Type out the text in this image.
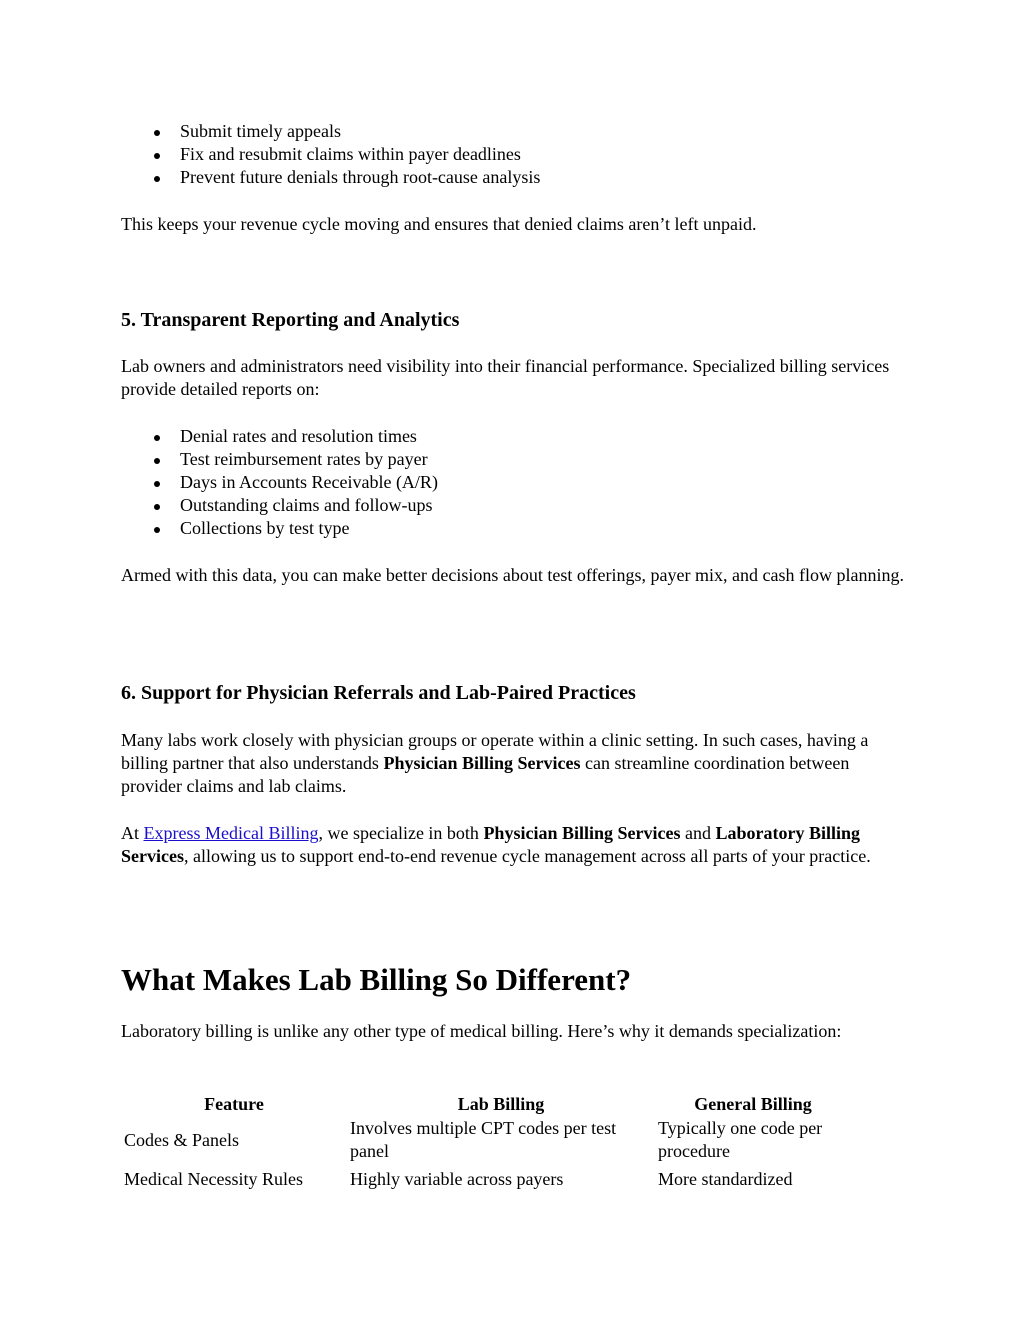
Submit timely appeals
Fix and resubmit claims within payer deadlines
Prevent future denials through root-cause analysis

This keeps your revenue cycle moving and ensures that denied claims aren’t left unpaid.

5. Transparent Reporting and Analytics

Lab owners and administrators need visibility into their financial performance. Specialized billing services provide detailed reports on:

Denial rates and resolution times
Test reimbursement rates by payer
Days in Accounts Receivable (A/R)
Outstanding claims and follow-ups
Collections by test type

Armed with this data, you can make better decisions about test offerings, payer mix, and cash flow planning.

6. Support for Physician Referrals and Lab-Paired Practices

Many labs work closely with physician groups or operate within a clinic setting. In such cases, having a billing partner that also understands Physician Billing Services can streamline coordination between provider claims and lab claims.

At Express Medical Billing, we specialize in both Physician Billing Services and Laboratory Billing Services, allowing us to support end-to-end revenue cycle management across all parts of your practice.

What Makes Lab Billing So Different?

Laboratory billing is unlike any other type of medical billing. Here’s why it demands specialization:

Feature	Lab Billing	General Billing
Codes & Panels	Involves multiple CPT codes per test panel	Typically one code per procedure
Medical Necessity Rules	Highly variable across payers	More standardized
